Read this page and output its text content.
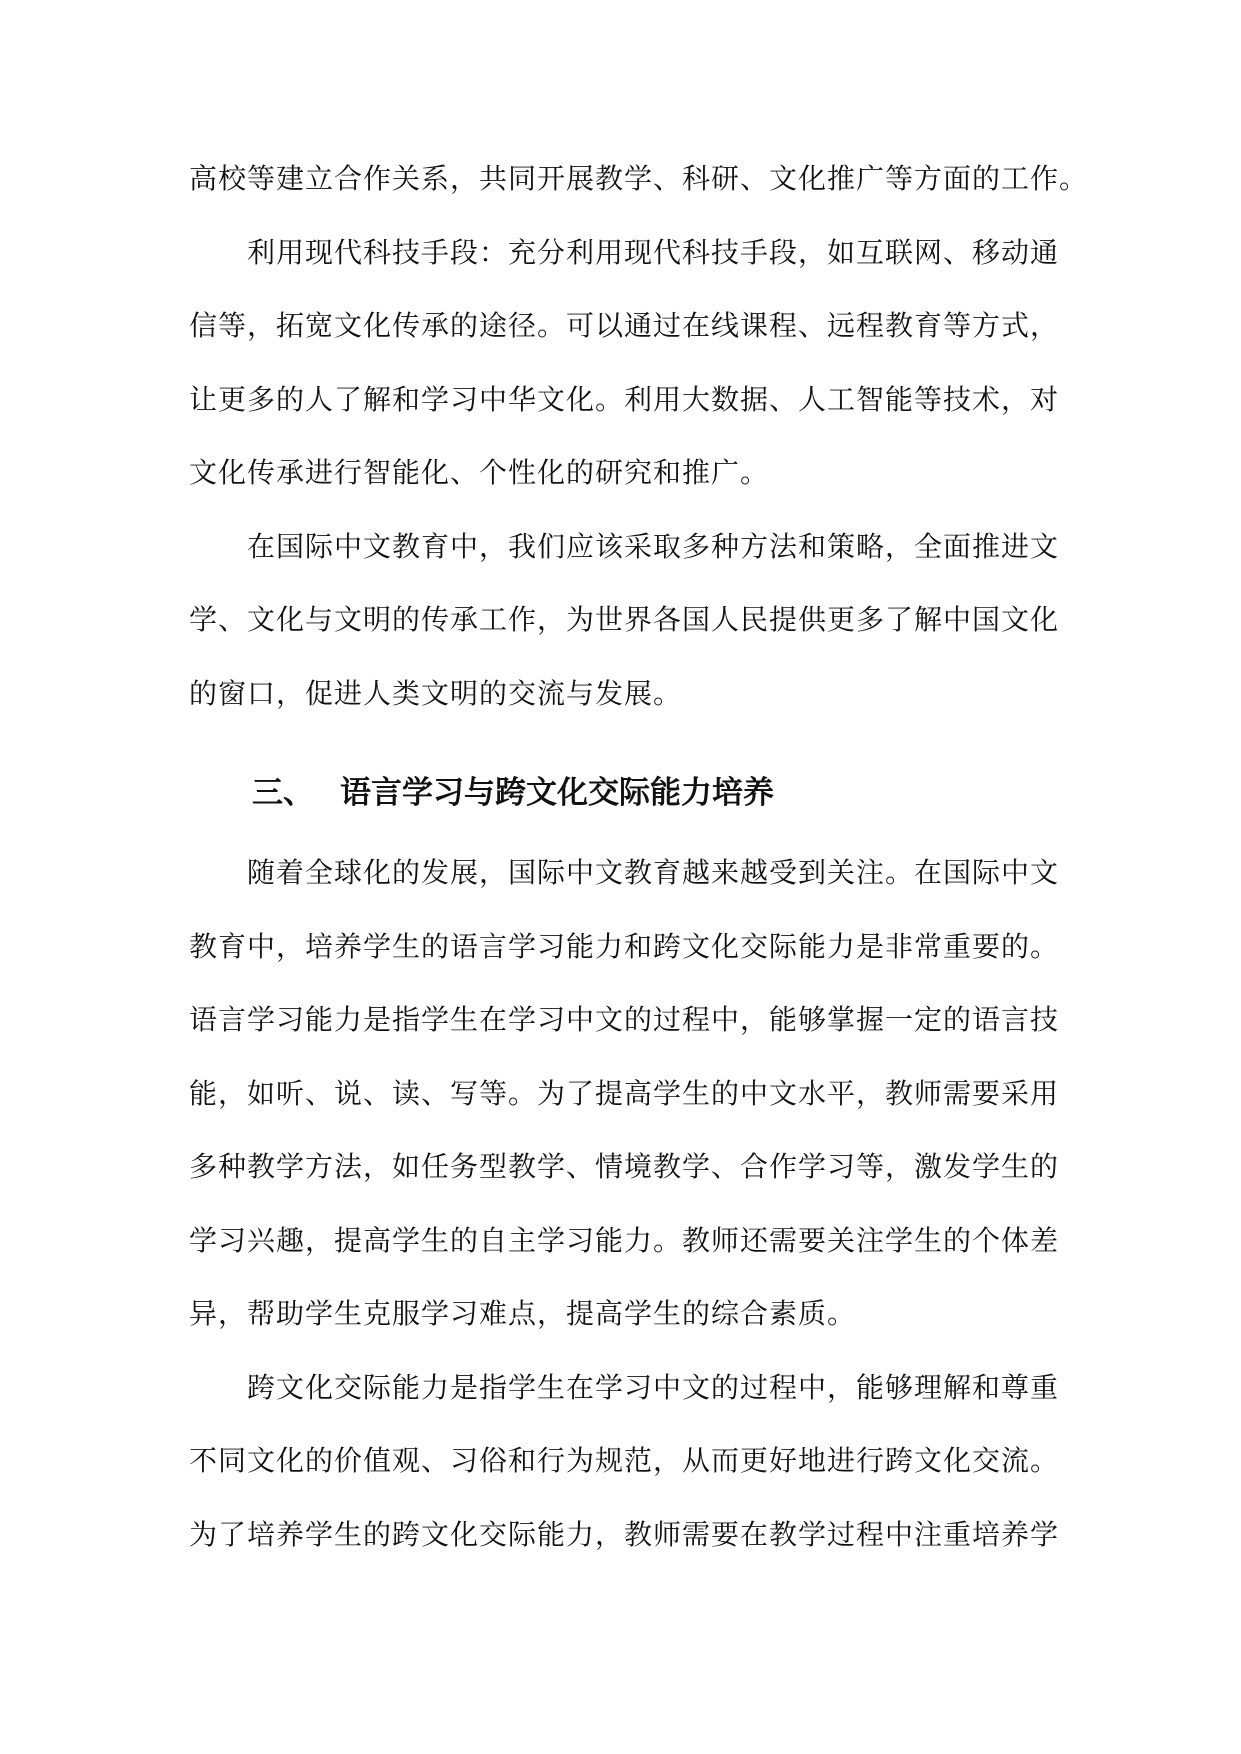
高校等建立合作关系，共同开展教学、科研、文化推广等方面的工作。
利用现代科技手段：充分利用现代科技手段，如互联网、移动通
信等，拓宽文化传承的途径。可以通过在线课程、远程教育等方式，
让更多的人了解和学习中华文化。利用大数据、人工智能等技术，对
文化传承进行智能化、个性化的研究和推广。
在国际中文教育中，我们应该采取多种方法和策略，全面推进文
学、文化与文明的传承工作，为世界各国人民提供更多了解中国文化
的窗口，促进人类文明的交流与发展。
三、 语言学习与跨文化交际能力培养
随着全球化的发展，国际中文教育越来越受到关注。在国际中文
教育中，培养学生的语言学习能力和跨文化交际能力是非常重要的。
语言学习能力是指学生在学习中文的过程中，能够掌握一定的语言技
能，如听、说、读、写等。为了提高学生的中文水平，教师需要采用
多种教学方法，如任务型教学、情境教学、合作学习等，激发学生的
学习兴趣，提高学生的自主学习能力。教师还需要关注学生的个体差
异，帮助学生克服学习难点，提高学生的综合素质。
跨文化交际能力是指学生在学习中文的过程中，能够理解和尊重
不同文化的价值观、习俗和行为规范，从而更好地进行跨文化交流。
为了培养学生的跨文化交际能力，教师需要在教学过程中注重培养学
